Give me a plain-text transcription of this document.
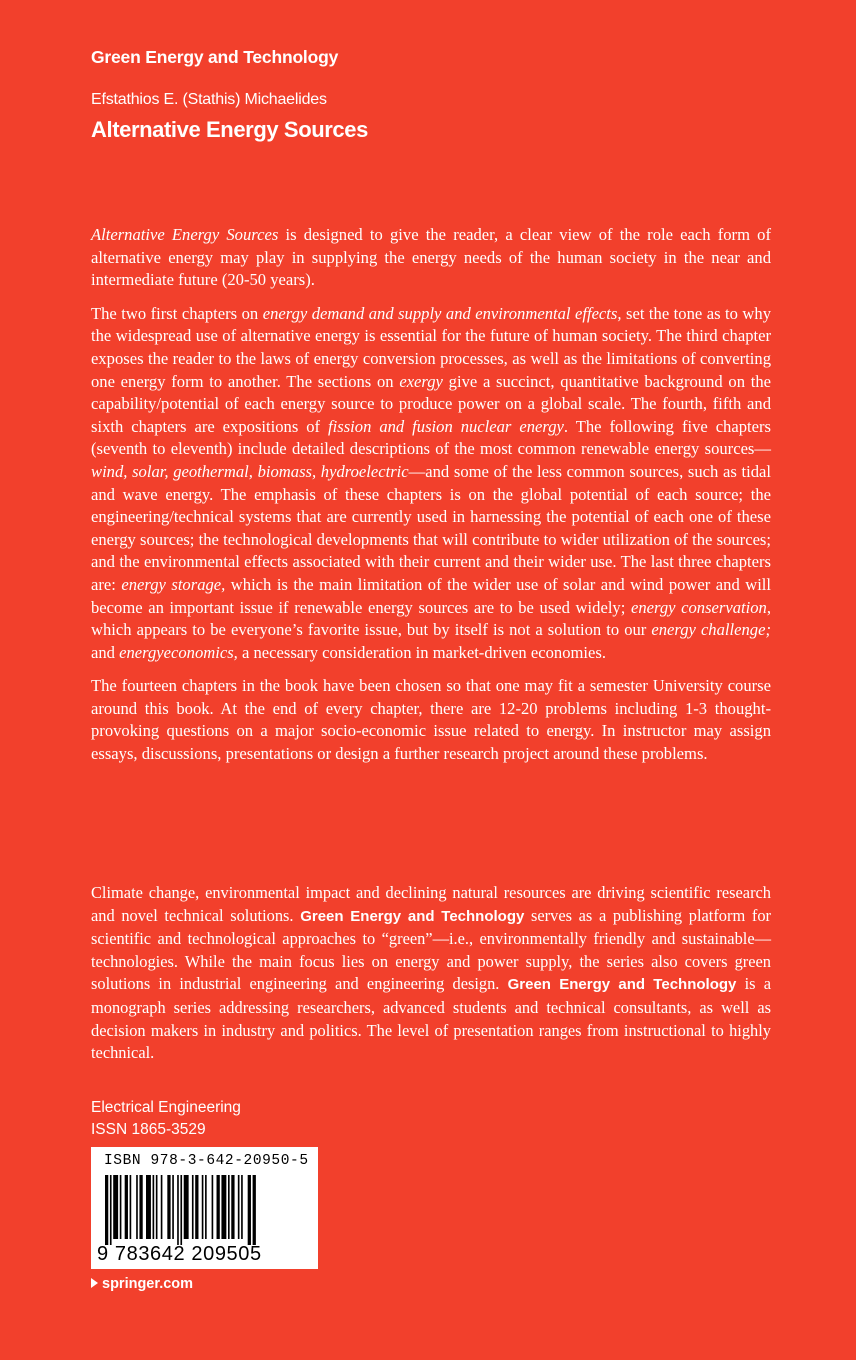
Green Energy and Technology
Efstathios E. (Stathis) Michaelides
Alternative Energy Sources

Alternative Energy Sources is designed to give the reader, a clear view of the role each form of alternative energy may play in supplying the energy needs of the human society in the near and intermediate future (20-50 years).

The two first chapters on energy demand and supply and environmental effects, set the tone as to why the widespread use of alternative energy is essential for the future of human society. The third chapter exposes the reader to the laws of energy conversion processes, as well as the limitations of converting one energy form to another. The sections on exergy give a succinct, quantitative background on the capability/potential of each energy source to produce power on a global scale. The fourth, fifth and sixth chapters are expositions of fission and fusion nuclear energy. The following five chapters (seventh to eleventh) include detailed descriptions of the most common renewable energy sources—wind, solar, geothermal, biomass, hydroelectric—and some of the less common sources, such as tidal and wave energy. The emphasis of these chapters is on the global potential of each source; the engineering/technical systems that are currently used in harnessing the potential of each one of these energy sources; the technological developments that will contribute to wider utilization of the sources; and the environmental effects associated with their current and their wider use. The last three chapters are: energy storage, which is the main limitation of the wider use of solar and wind power and will become an important issue if renewable energy sources are to be used widely; energy conservation, which appears to be everyone’s favorite issue, but by itself is not a solution to our energy challenge; and energyeconomics, a necessary consideration in market-driven economies.

The fourteen chapters in the book have been chosen so that one may fit a semester University course around this book. At the end of every chapter, there are 12-20 problems including 1-3 thought-provoking questions on a major socio-economic issue related to energy. In instructor may assign essays, discussions, presentations or design a further research project around these problems.

Climate change, environmental impact and declining natural resources are driving scientific research and novel technical solutions. Green Energy and Technology serves as a publishing platform for scientific and technological approaches to “green”—i.e., environmentally friendly and sustainable—technologies. While the main focus lies on energy and power supply, the series also covers green solutions in industrial engineering and engineering design. Green Energy and Technology is a monograph series addressing researchers, advanced students and technical consultants, as well as decision makers in industry and politics. The level of presentation ranges from instructional to highly technical.

Electrical Engineering
ISSN 1865-3529
ISBN 978-3-642-20950-5
9 783642 209505
springer.com
